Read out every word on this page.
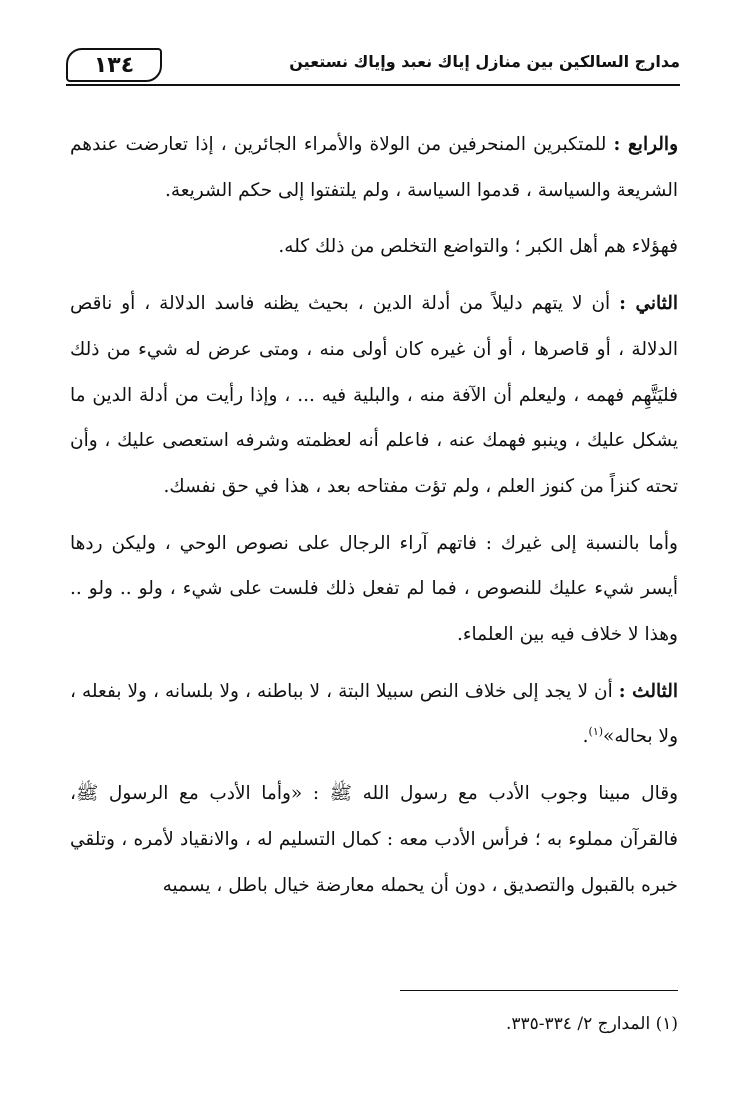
مدارج السالكين بين منازل إياك نعبد وإياك نستعين
١٣٤

والرابع : للمتكبرين المنحرفين من الولاة والأمراء الجائرين ، إذا تعارضت عندهم الشريعة والسياسة ، قدموا السياسة ، ولم يلتفتوا إلى حكم الشريعة.

فهؤلاء هم أهل الكبر ؛ والتواضع التخلص من ذلك كله.

الثاني : أن لا يتهم دليلاً من أدلة الدين ، بحيث يظنه فاسد الدلالة ، أو ناقص الدلالة ، أو قاصرها ، أو أن غيره كان أولى منه ، ومتى عرض له شيء من ذلك فليَتَّهِم فهمه ، وليعلم أن الآفة منه ، والبلية فيه ... ، وإذا رأيت من أدلة الدين ما يشكل عليك ، وينبو فهمك عنه ، فاعلم أنه لعظمته وشرفه استعصى عليك ، وأن تحته كنزاً من كنوز العلم ، ولم تؤت مفتاحه بعد ، هذا في حق نفسك.

وأما بالنسبة إلى غيرك : فاتهم آراء الرجال على نصوص الوحي ، وليكن ردها أيسر شيء عليك للنصوص ، فما لم تفعل ذلك فلست على شيء ، ولو .. ولو .. وهذا لا خلاف فيه بين العلماء.

الثالث : أن لا يجد إلى خلاف النص سبيلا البتة ، لا بباطنه ، ولا بلسانه ، ولا بفعله ، ولا بحاله»$^{(١)}$.

وقال مبينا وجوب الأدب مع رسول الله ﷺ : «وأما الأدب مع الرسول ﷺ، فالقرآن مملوء به ؛ فرأس الأدب معه : كمال التسليم له ، والانقياد لأمره ، وتلقي خبره بالقبول والتصديق ، دون أن يحمله معارضة خيال باطل ، يسميه

(١) المدارج ٢/ ٣٣٤-٣٣٥.
